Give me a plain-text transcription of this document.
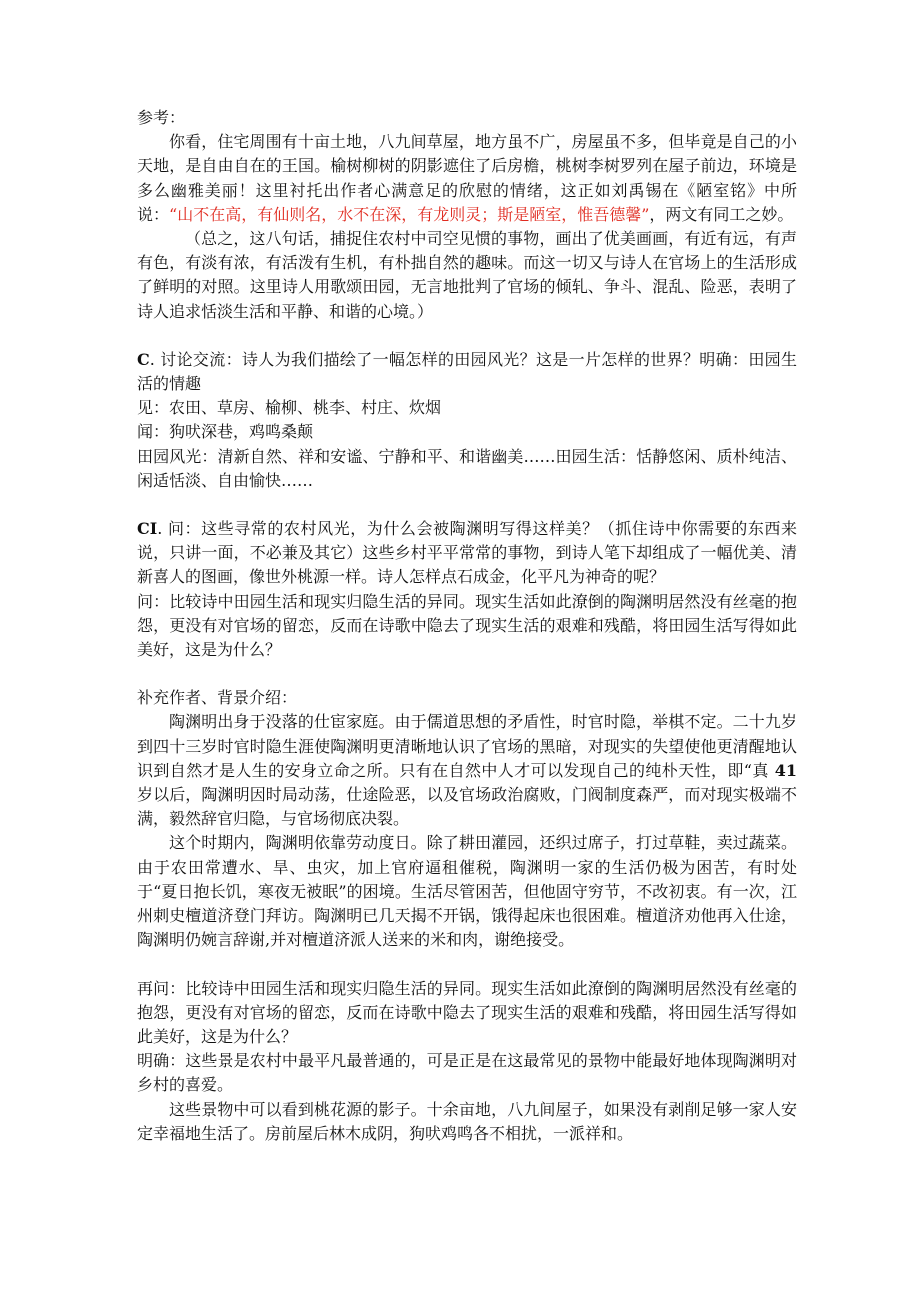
参考：

你看，住宅周围有十亩土地，八九间草屋，地方虽不广，房屋虽不多，但毕竟是自己的小天地，是自由自在的王国。榆树柳树的阴影遮住了后房檐，桃树李树罗列在屋子前边，环境是多么幽雅美丽！这里衬托出作者心满意足的欣慰的情绪，这正如刘禹锡在《陋室铭》中所说：“山不在高，有仙则名，水不在深，有龙则灵；斯是陋室，惟吾德馨”，两文有同工之妙。

（总之，这八句话，捕捉住农村中司空见惯的事物，画出了优美画画，有近有远，有声有色，有淡有浓，有活泼有生机，有朴拙自然的趣味。而这一切又与诗人在官场上的生活形成了鲜明的对照。这里诗人用歌颂田园，无言地批判了官场的倾轧、争斗、混乱、险恶，表明了诗人追求恬淡生活和平静、和谐的心境。）

C. 讨论交流：诗人为我们描绘了一幅怎样的田园风光？这是一片怎样的世界？明确：田园生活的情趣

见：农田、草房、榆柳、桃李、村庄、炊烟

闻：狗吠深巷，鸡鸣桑颠

田园风光：清新自然、祥和安谧、宁静和平、和谐幽美……田园生活：恬静悠闲、质朴纯洁、闲适恬淡、自由愉快……

CI. 问：这些寻常的农村风光，为什么会被陶渊明写得这样美？（抓住诗中你需要的东西来说，只讲一面，不必兼及其它）这些乡村平平常常的事物，到诗人笔下却组成了一幅优美、清新喜人的图画，像世外桃源一样。诗人怎样点石成金，化平凡为神奇的呢？

问：比较诗中田园生活和现实归隐生活的异同。现实生活如此潦倒的陶渊明居然没有丝毫的抱怨，更没有对官场的留恋，反而在诗歌中隐去了现实生活的艰难和残酷，将田园生活写得如此美好，这是为什么？

补充作者、背景介绍：

陶渊明出身于没落的仕宦家庭。由于儒道思想的矛盾性，时官时隐，举棋不定。二十九岁到四十三岁时官时隐生涯使陶渊明更清晰地认识了官场的黑暗，对现实的失望使他更清醒地认识到自然才是人生的安身立命之所。只有在自然中人才可以发现自己的纯朴天性，即“真 41 岁以后，陶渊明因时局动荡，仕途险恶，以及官场政治腐败，门阀制度森严，而对现实极端不满，毅然辞官归隐，与官场彻底决裂。

这个时期内，陶渊明依靠劳动度日。除了耕田灌园，还织过席子，打过草鞋，卖过蔬菜。由于农田常遭水、旱、虫灾，加上官府逼租催税，陶渊明一家的生活仍极为困苦，有时处于“夏日抱长饥，寒夜无被眠”的困境。生活尽管困苦，但他固守穷节，不改初衷。有一次，江州刺史檀道济登门拜访。陶渊明已几天揭不开锅，饿得起床也很困难。檀道济劝他再入仕途，陶渊明仍婉言辞谢,并对檀道济派人送来的米和肉，谢绝接受。

再问：比较诗中田园生活和现实归隐生活的异同。现实生活如此潦倒的陶渊明居然没有丝毫的抱怨，更没有对官场的留恋，反而在诗歌中隐去了现实生活的艰难和残酷，将田园生活写得如此美好，这是为什么？

明确：这些景是农村中最平凡最普通的，可是正是在这最常见的景物中能最好地体现陶渊明对乡村的喜爱。

这些景物中可以看到桃花源的影子。十余亩地，八九间屋子，如果没有剥削足够一家人安定幸福地生活了。房前屋后林木成阴，狗吠鸡鸣各不相扰，一派祥和。
